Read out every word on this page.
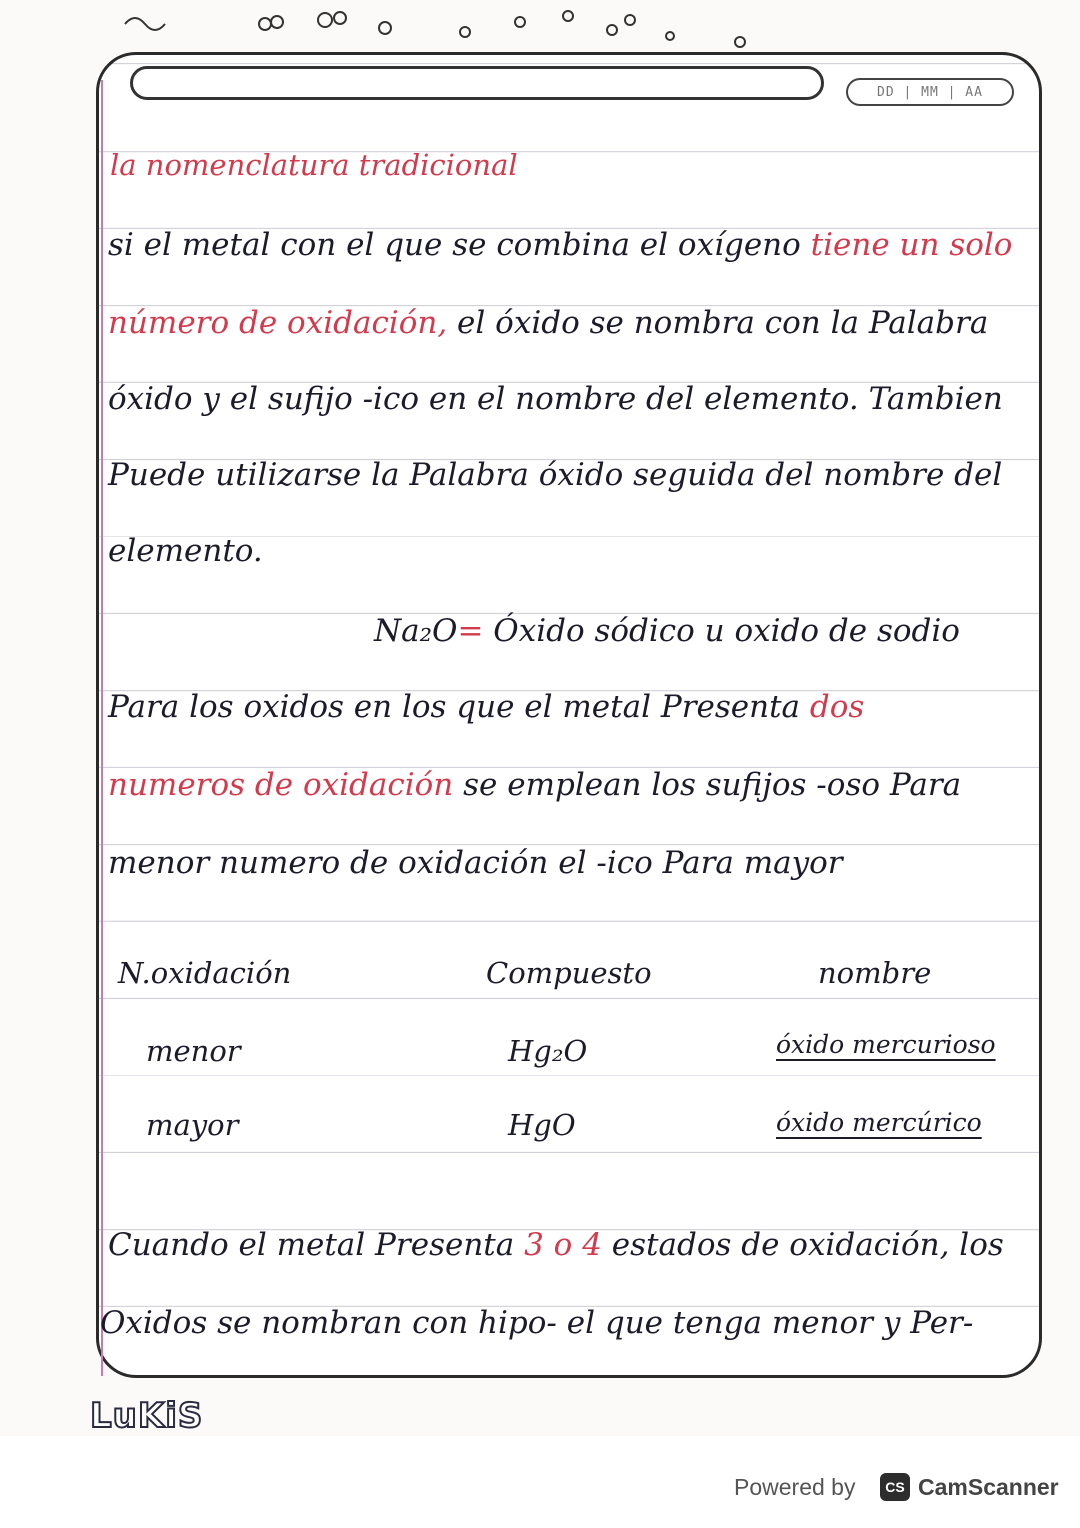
DD | MM | AA
la nomenclatura tradicional
si el metal con el que se combina el oxígeno tiene un solo
número de oxidación, el óxido se nombra con la Palabra
óxido y el sufijo -ico en el nombre del elemento. Tambien
Puede utilizarse la Palabra óxido seguida del nombre del
elemento.
Na₂O= Óxido sódico u oxido de sodio
Para los oxidos en los que el metal Presenta dos
numeros de oxidación se emplean los sufijos -oso Para
menor numero de oxidación el -ico Para mayor
N.oxidación	Compuesto	nombre
menor	Hg₂O	óxido mercurioso
mayor	HgO	óxido mercúrico
Cuando el metal Presenta 3 o 4 estados de oxidación, los
Oxidos se nombran con hipo- el que tenga menor y Per-
LuKiS
Powered by	CS CamScanner
